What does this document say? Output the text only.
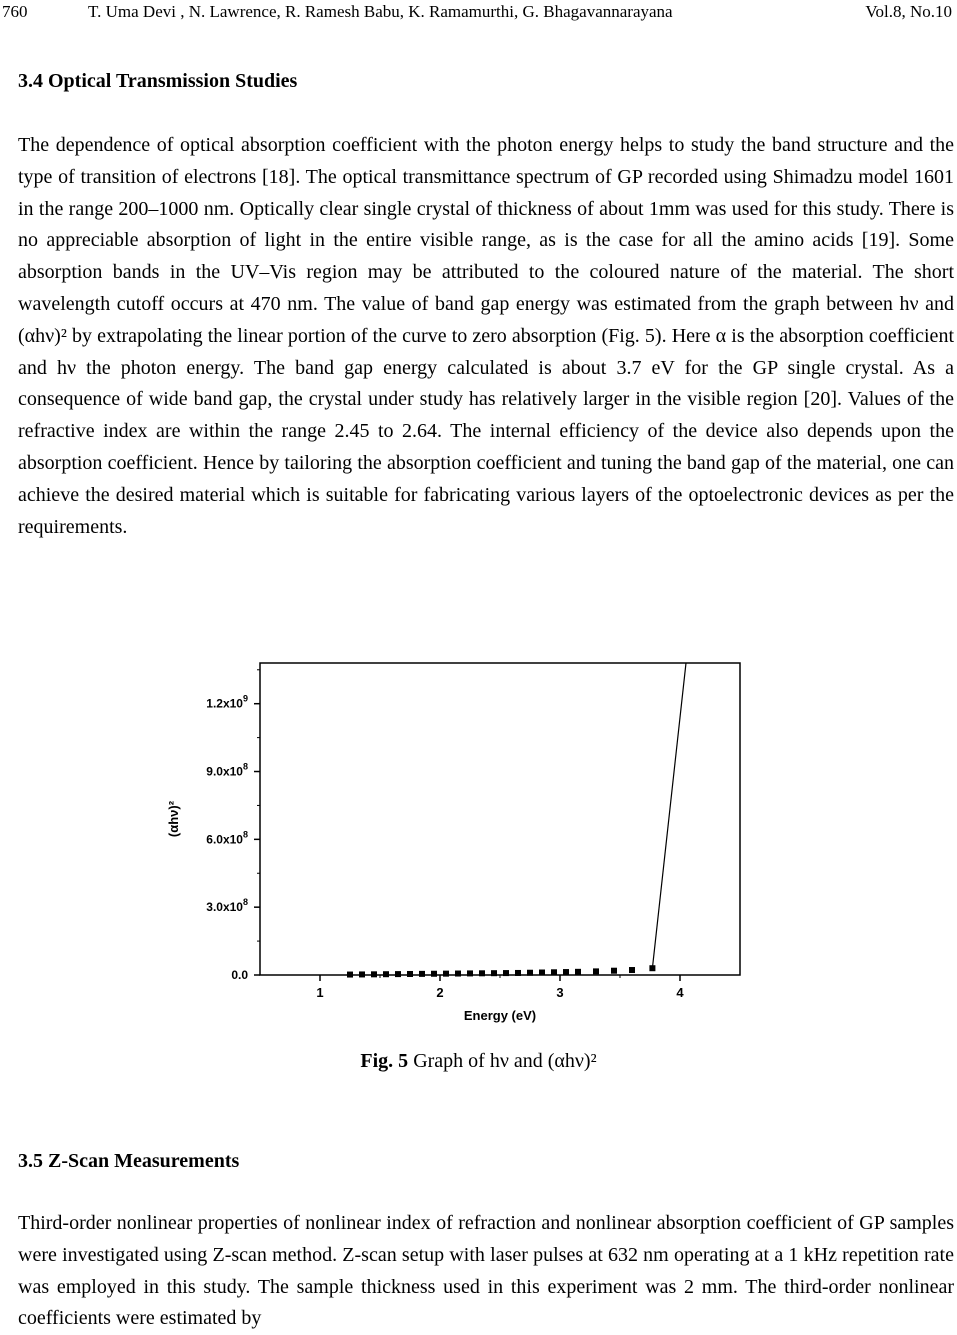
760	T. Uma Devi , N. Lawrence, R. Ramesh Babu, K. Ramamurthi, G. Bhagavannarayana	Vol.8, No.10
3.4 Optical Transmission Studies

The dependence of optical absorption coefficient with the photon energy helps to study the band structure and the type of transition of electrons [18]. The optical transmittance spectrum of GP recorded using Shimadzu model 1601 in the range 200–1000 nm. Optically clear single crystal of thickness of about 1mm was used for this study. There is no appreciable absorption of light in the entire visible range, as is the case for all the amino acids [19]. Some absorption bands in the UV–Vis region may be attributed to the coloured nature of the material. The short wavelength cutoff occurs at 470 nm. The value of band gap energy was estimated from the graph between hν and (αhν)² by extrapolating the linear portion of the curve to zero absorption (Fig. 5). Here α is the absorption coefficient and hν the photon energy. The band gap energy calculated is about 3.7 eV for the GP single crystal. As a consequence of wide band gap, the crystal under study has relatively larger in the visible region [20]. Values of the refractive index are within the range 2.45 to 2.64. The internal efficiency of the device also depends upon the absorption coefficient. Hence by tailoring the absorption coefficient and tuning the band gap of the material, one can achieve the desired material which is suitable for fabricating various layers of the optoelectronic devices as per the requirements.

1	2	3	4
0.0
$3.0x10^8$
$6.0x10^8$
$9.0x10^8$
$1.2x10^9$
Energy (eV)
(αhν)²
Fig. 5 Graph of hν and (αhν)²
3.5 Z-Scan Measurements

Third-order nonlinear properties of nonlinear index of refraction and nonlinear absorption coefficient of GP samples were investigated using Z-scan method. Z-scan setup with laser pulses at 632 nm operating at a 1 kHz repetition rate was employed in this study. The sample thickness used in this experiment was 2 mm. The third-order nonlinear coefficients were estimated by
